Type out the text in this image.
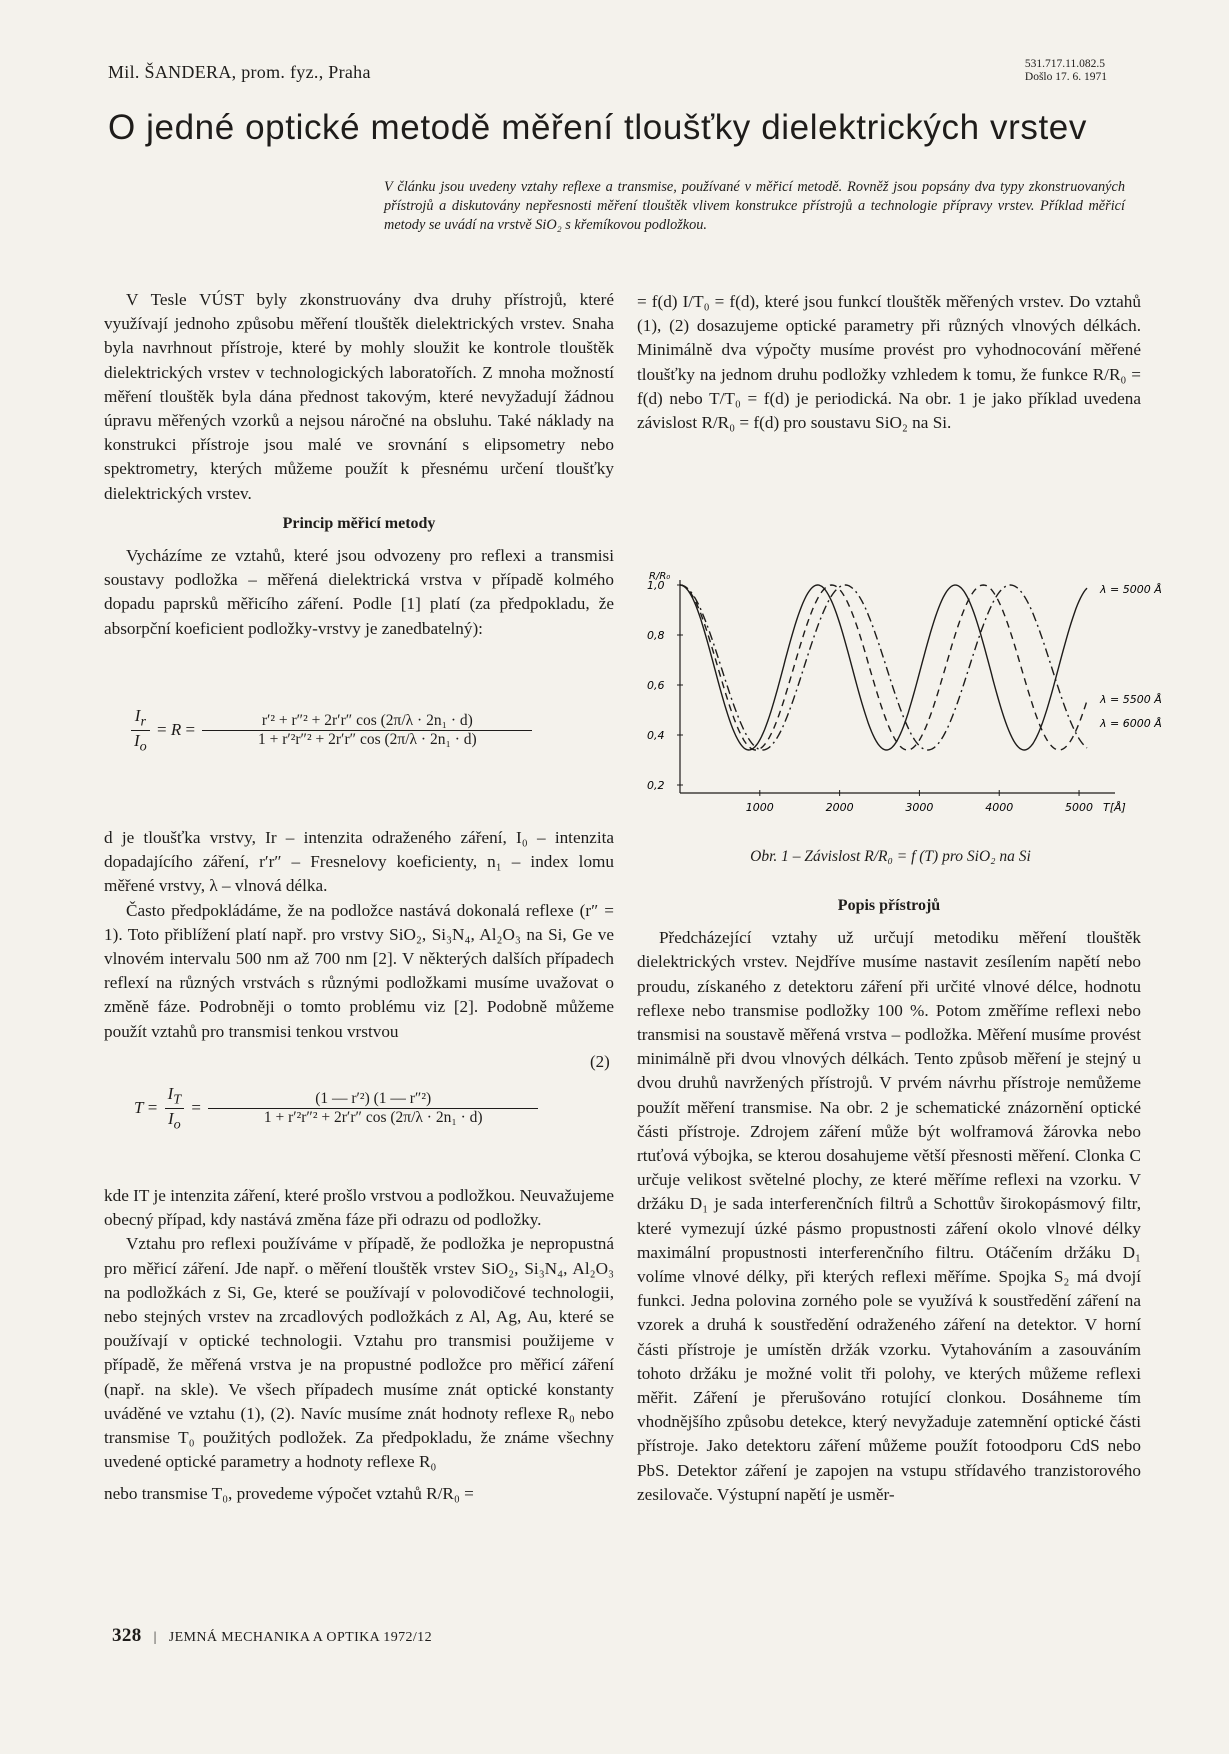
Mil. ŠANDERA, prom. fyz., Praha	531.717.11.082.5
Došlo 17. 6. 1971
O jedné optické metodě měření tloušťky dielektrických vrstev
V článku jsou uvedeny vztahy reflexe a transmise, používané v měřicí metodě. Rovněž jsou popsány dva typy zkonstruovaných přístrojů a diskutovány nepřesnosti měření tlouštěk vlivem konstrukce přístrojů a technologie přípravy vrstev. Příklad měřicí metody se uvádí na vrstvě SiO₂ s křemíkovou podložkou.

V Tesle VÚST byly zkonstruovány dva druhy přístrojů, které využívají jednoho způsobu měření tlouštěk dielektrických vrstev. Snaha byla navrhnout přístroje, které by mohly sloužit ke kontrole tlouštěk dielektrických vrstev v technologických laboratořích. Z mnoha možností měření tlouštěk byla dána přednost takovým, které nevyžadují žádnou úpravu měřených vzorků a nejsou náročné na obsluhu. Také náklady na konstrukci přístroje jsou malé ve srovnání s elipsometry nebo spektrometry, kterých můžeme použít k přesnému určení tloušťky dielektrických vrstev.

Princip měřicí metody

Vycházíme ze vztahů, které jsou odvozeny pro reflexi a transmisi soustavy podložka – měřená dielektrická vrstva v případě kolmého dopadu paprsků měřicího záření. Podle [1] platí (za předpokladu, že absorpční koeficient podložky-vrstvy je zanedbatelný):

$\frac{I_r}{I_o} = R = \frac{\text{r′² + r″² + 2r′r″ cos (2π/λ · 2n₁ · d)}}{\text{1 + r′²r″² + 2r′r″ cos (2π/λ · 2n₁ · d)}}$

d je tloušťka vrstvy, Ir – intenzita odraženého záření, I₀ – intenzita dopadajícího záření, r′r″ – Fresnelovy koeficienty, n₁ – index lomu měřené vrstvy, λ – vlnová délka.

Často předpokládáme, že na podložce nastává dokonalá reflexe (r″ = 1). Toto přiblížení platí např. pro vrstvy SiO₂, Si₃N₄, Al₂O₃ na Si, Ge ve vlnovém intervalu 500 nm až 700 nm [2]. V některých dalších případech reflexí na různých vrstvách s různými podložkami musíme uvažovat o změně fáze. Podrobněji o tomto problému viz [2]. Podobně můžeme použít vztahů pro transmisi tenkou vrstvou

(2)
$T = \frac{I_T}{I_o} = \frac{\text{(1 — r′²) (1 — r″²)}}{\text{1 + r′²r″² + 2r′r″ cos (2π/λ · 2n₁ · d)}}$

kde IT je intenzita záření, které prošlo vrstvou a podložkou. Neuvažujeme obecný případ, kdy nastává změna fáze při odrazu od podložky.

Vztahu pro reflexi používáme v případě, že podložka je nepropustná pro měřicí záření. Jde např. o měření tlouštěk vrstev SiO₂, Si₃N₄, Al₂O₃ na podložkách z Si, Ge, které se používají v polovodičové technologii, nebo stejných vrstev na zrcadlových podložkách z Al, Ag, Au, které se používají v optické technologii. Vztahu pro transmisi použijeme v případě, že měřená vrstva je na propustné podložce pro měřicí záření (např. na skle). Ve všech případech musíme znát optické konstanty uváděné ve vztahu (1), (2). Navíc musíme znát hodnoty reflexe R₀ nebo transmise T₀ použitých podložek. Za předpokladu, že známe všechny uvedené optické parametry a hodnoty reflexe R₀

nebo transmise T₀, provedeme výpočet vztahů R/R₀ =

= f(d) I/T₀ = f(d), které jsou funkcí tlouštěk měřených vrstev. Do vztahů (1), (2) dosazujeme optické parametry při různých vlnových délkách. Minimálně dva výpočty musíme provést pro vyhodnocování měřené tloušťky na jednom druhu podložky vzhledem k tomu, že funkce R/R₀ = f(d) nebo T/T₀ = f(d) je periodická. Na obr. 1 je jako příklad uvedena závislost R/R₀ = f(d) pro soustavu SiO₂ na Si.
R/R₀
1,0
0,8
0,6
0,4
0,2
1000	2000	3000	4000	5000 T[Å]
λ = 5000 Å
λ = 5500 Å
λ = 6000 Å
Obr. 1 – Závislost R/R₀ = f (T) pro SiO₂ na Si
Popis přístrojů

Předcházející vztahy už určují metodiku měření tlouštěk dielektrických vrstev. Nejdříve musíme nastavit zesílením napětí nebo proudu, získaného z detektoru záření při určité vlnové délce, hodnotu reflexe nebo transmise podložky 100 %. Potom změříme reflexi nebo transmisi na soustavě měřená vrstva – podložka. Měření musíme provést minimálně při dvou vlnových délkách. Tento způsob měření je stejný u dvou druhů navržených přístrojů. V prvém návrhu přístroje nemůžeme použít měření transmise. Na obr. 2 je schematické znázornění optické části přístroje. Zdrojem záření může být wolframová žárovka nebo rtuťová výbojka, se kterou dosahujeme větší přesnosti měření. Clonka C určuje velikost světelné plochy, ze které měříme reflexi na vzorku. V držáku D₁ je sada interferenčních filtrů a Schottův širokopásmový filtr, které vymezují úzké pásmo propustnosti záření okolo vlnové délky maximální propustnosti interferenčního filtru. Otáčením držáku D₁ volíme vlnové délky, při kterých reflexi měříme. Spojka S₂ má dvojí funkci. Jedna polovina zorného pole se využívá k soustředění záření na vzorek a druhá k soustředění odraženého záření na detektor. V horní části přístroje je umístěn držák vzorku. Vytahováním a zasouváním tohoto držáku je možné volit tři polohy, ve kterých můžeme reflexi měřit. Záření je přerušováno rotující clonkou. Dosáhneme tím vhodnějšího způsobu detekce, který nevyžaduje zatemnění optické části přístroje. Jako detektoru záření můžeme použít fotoodporu CdS nebo PbS. Detektor záření je zapojen na vstupu střídavého tranzistorového zesilovače. Výstupní napětí je usměr-

328 | JEMNÁ MECHANIKA A OPTIKA 1972/12
